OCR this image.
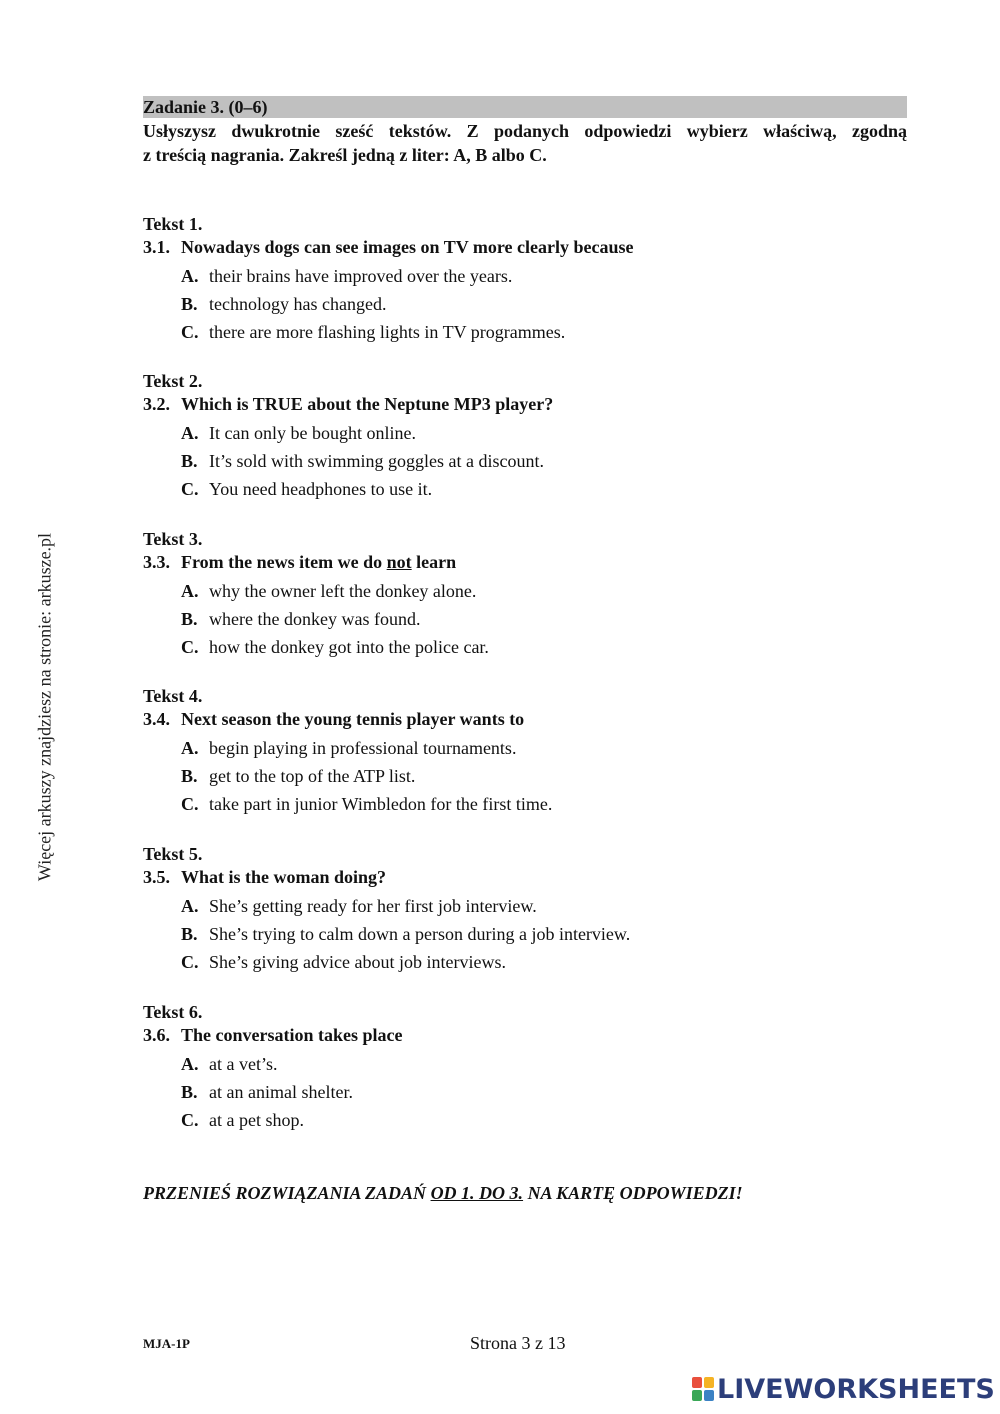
Więcej arkuszy znajdziesz na stronie: arkusze.pl
Zadanie 3. (0–6)
Usłyszysz dwukrotnie sześć tekstów. Z podanych odpowiedzi wybierz właściwą, zgodną
z treścią nagrania. Zakreśl jedną z liter: A, B albo C.
Tekst 1.
3.1. Nowadays dogs can see images on TV more clearly because
A. their brains have improved over the years.
B. technology has changed.
C. there are more flashing lights in TV programmes.
Tekst 2.
3.2. Which is TRUE about the Neptune MP3 player?
A. It can only be bought online.
B. It’s sold with swimming goggles at a discount.
C. You need headphones to use it.
Tekst 3.
3.3. From the news item we do not learn
A. why the owner left the donkey alone.
B. where the donkey was found.
C. how the donkey got into the police car.
Tekst 4.
3.4. Next season the young tennis player wants to
A. begin playing in professional tournaments.
B. get to the top of the ATP list.
C. take part in junior Wimbledon for the first time.
Tekst 5.
3.5. What is the woman doing?
A. She’s getting ready for her first job interview.
B. She’s trying to calm down a person during a job interview.
C. She’s giving advice about job interviews.
Tekst 6.
3.6. The conversation takes place
A. at a vet’s.
B. at an animal shelter.
C. at a pet shop.
PRZENIEŚ ROZWIĄZANIA ZADAŃ OD 1. DO 3. NA KARTĘ ODPOWIEDZI!
MJA-1P	Strona 3 z 13
LIVEWORKSHEETS
